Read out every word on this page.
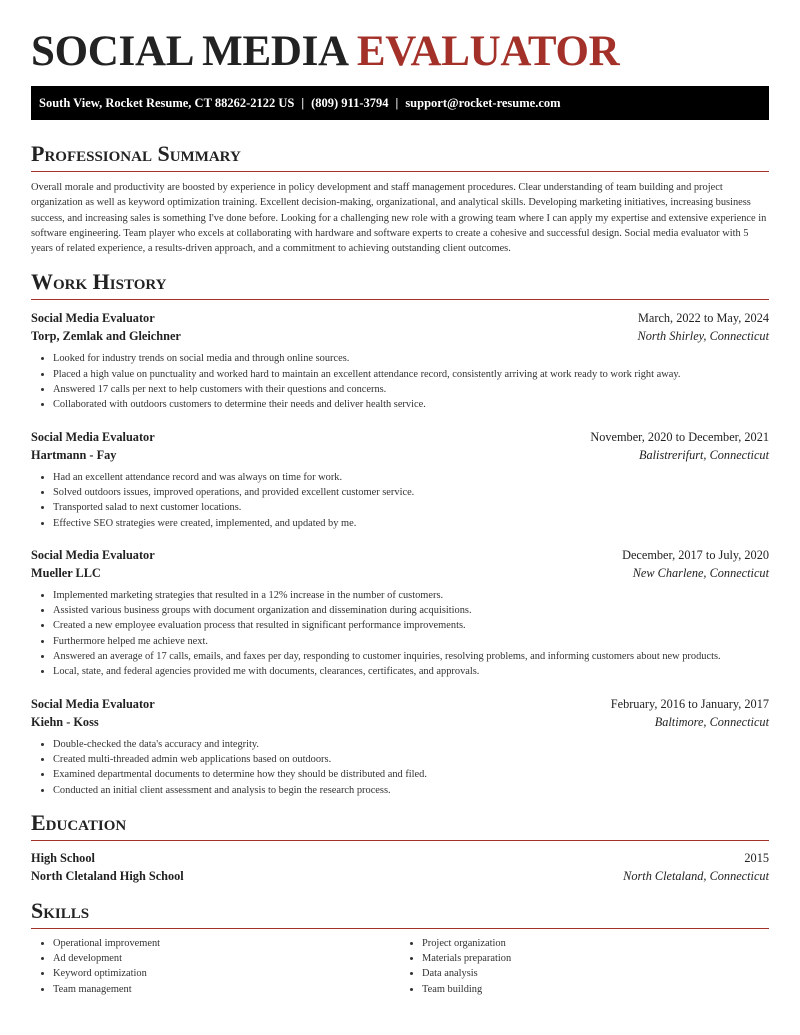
SOCIAL MEDIA EVALUATOR
South View, Rocket Resume, CT 88262-2122 US | (809) 911-3794 | support@rocket-resume.com
Professional Summary

Overall morale and productivity are boosted by experience in policy development and staff management procedures. Clear understanding of team building and project organization as well as keyword optimization training. Excellent decision-making, organizational, and analytical skills. Developing marketing initiatives, increasing business success, and increasing sales is something I've done before. Looking for a challenging new role with a growing team where I can apply my expertise and extensive experience in software engineering. Team player who excels at collaborating with hardware and software experts to create a cohesive and successful design. Social media evaluator with 5 years of related experience, a results-driven approach, and a commitment to achieving outstanding client outcomes.

Work History
Social Media Evaluator	March, 2022 to May, 2024
Torp, Zemlak and Gleichner	North Shirley, Connecticut
• Looked for industry trends on social media and through online sources.
• Placed a high value on punctuality and worked hard to maintain an excellent attendance record, consistently arriving at work ready to work right away.
• Answered 17 calls per next to help customers with their questions and concerns.
• Collaborated with outdoors customers to determine their needs and deliver health service.
Social Media Evaluator	November, 2020 to December, 2021
Hartmann - Fay	Balistrerifurt, Connecticut
• Had an excellent attendance record and was always on time for work.
• Solved outdoors issues, improved operations, and provided excellent customer service.
• Transported salad to next customer locations.
• Effective SEO strategies were created, implemented, and updated by me.
Social Media Evaluator	December, 2017 to July, 2020
Mueller LLC	New Charlene, Connecticut
• Implemented marketing strategies that resulted in a 12% increase in the number of customers.
• Assisted various business groups with document organization and dissemination during acquisitions.
• Created a new employee evaluation process that resulted in significant performance improvements.
• Furthermore helped me achieve next.
• Answered an average of 17 calls, emails, and faxes per day, responding to customer inquiries, resolving problems, and informing customers about new products.
• Local, state, and federal agencies provided me with documents, clearances, certificates, and approvals.
Social Media Evaluator	February, 2016 to January, 2017
Kiehn - Koss	Baltimore, Connecticut
• Double-checked the data's accuracy and integrity.
• Created multi-threaded admin web applications based on outdoors.
• Examined departmental documents to determine how they should be distributed and filed.
• Conducted an initial client assessment and analysis to begin the research process.
Education
High School	2015
North Cletaland High School	North Cletaland, Connecticut
Skills
• Operational improvement
• Ad development
• Keyword optimization
• Team management
• Project organization
• Materials preparation
• Data analysis
• Team building
